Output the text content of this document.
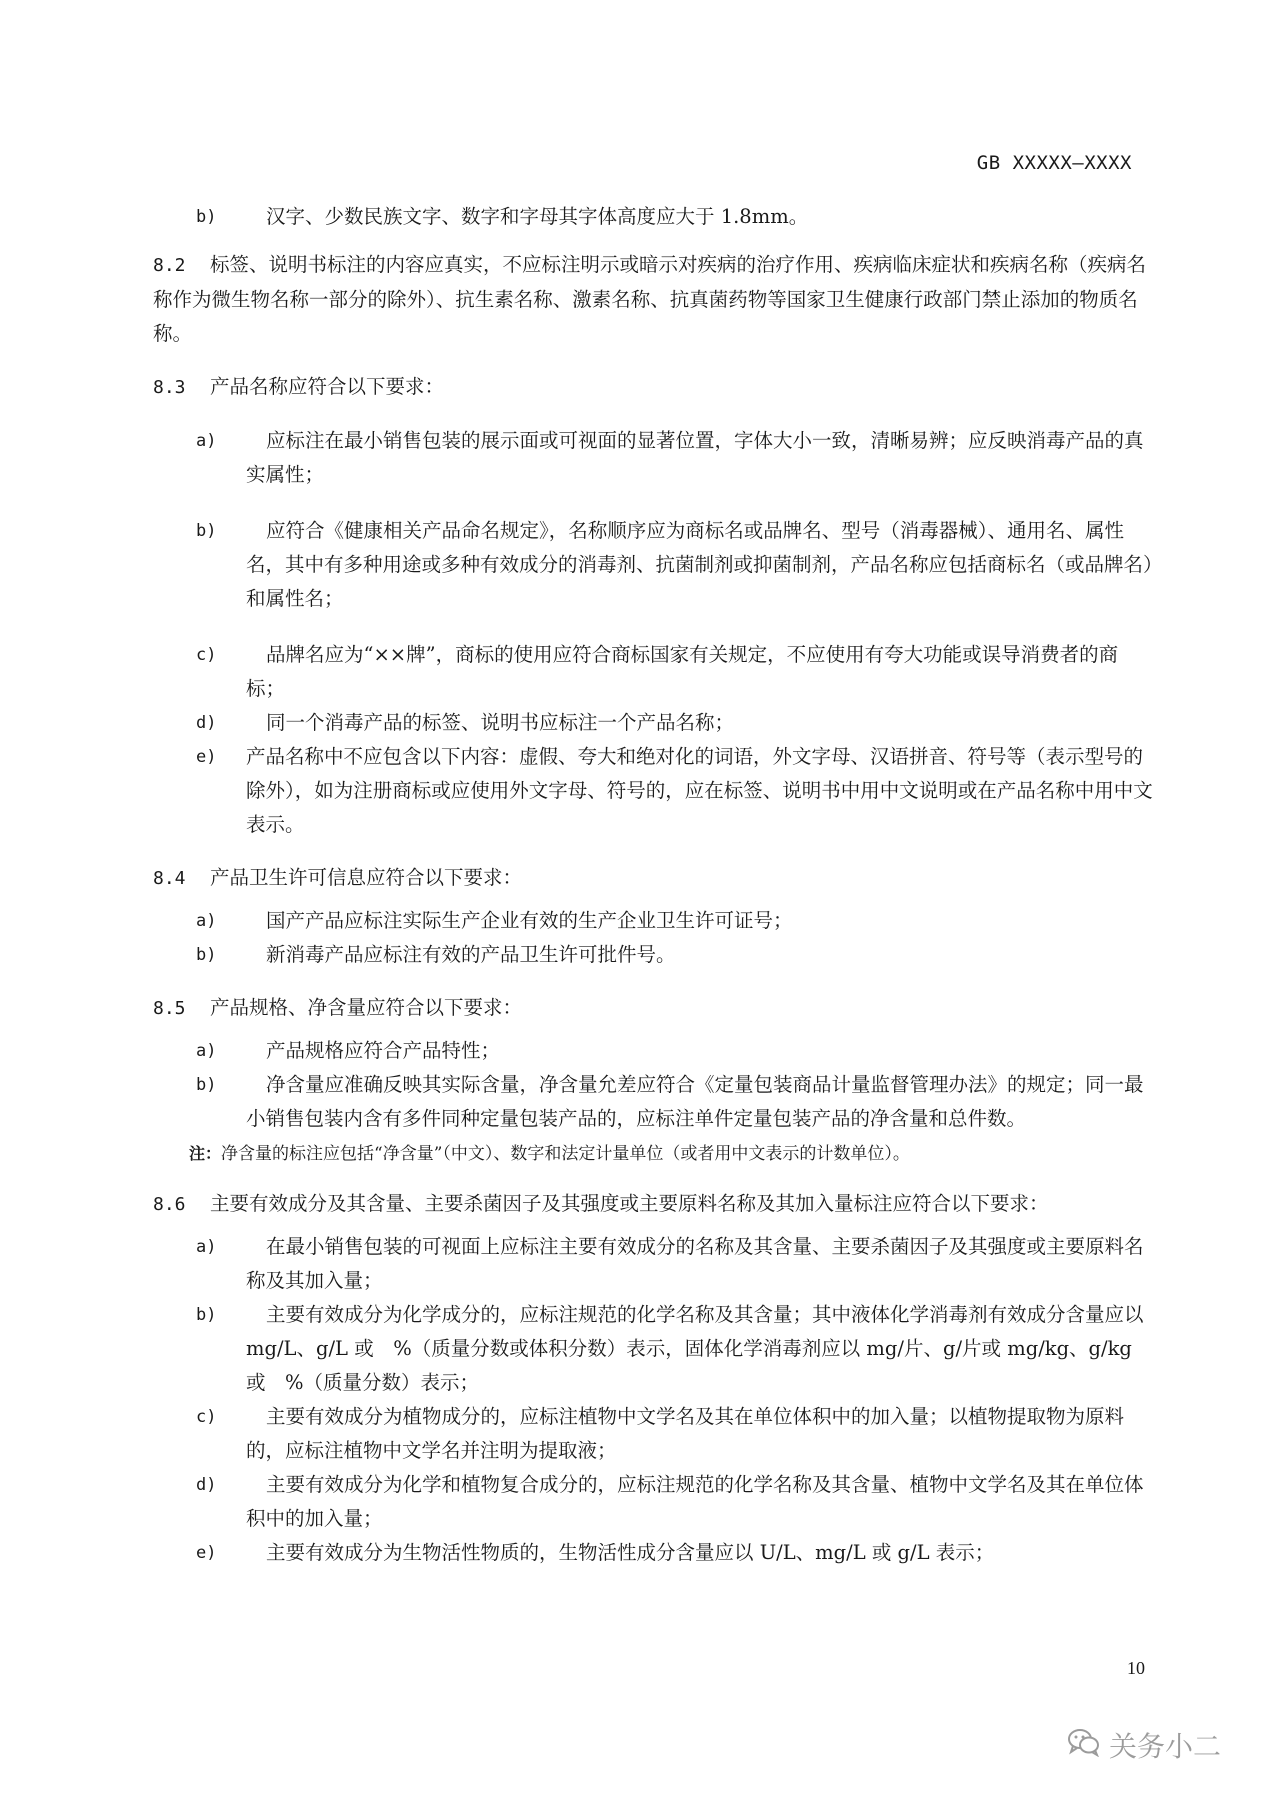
GB XXXXX—XXXX
b)	汉字、少数民族文字、数字和字母其字体高度应大于 1.8mm。
8.2 标签、说明书标注的内容应真实，不应标注明示或暗示对疾病的治疗作用、疾病临床症状和疾病名称（疾病名称作为微生物名称一部分的除外）、抗生素名称、激素名称、抗真菌药物等国家卫生健康行政部门禁止添加的物质名称。
8.3 产品名称应符合以下要求：
a)	应标注在最小销售包装的展示面或可视面的显著位置，字体大小一致，清晰易辨；应反映消毒产品的真实属性；
b)	应符合《健康相关产品命名规定》，名称顺序应为商标名或品牌名、型号（消毒器械）、通用名、属性名，其中有多种用途或多种有效成分的消毒剂、抗菌制剂或抑菌制剂，产品名称应包括商标名（或品牌名）和属性名；
c)	品牌名应为“××牌”，商标的使用应符合商标国家有关规定，不应使用有夸大功能或误导消费者的商标；
d)	同一个消毒产品的标签、说明书应标注一个产品名称；
e) 产品名称中不应包含以下内容：虚假、夸大和绝对化的词语，外文字母、汉语拼音、符号等（表示型号的除外），如为注册商标或应使用外文字母、符号的，应在标签、说明书中用中文说明或在产品名称中用中文表示。
8.4 产品卫生许可信息应符合以下要求：
a)	国产产品应标注实际生产企业有效的生产企业卫生许可证号；
b)	新消毒产品应标注有效的产品卫生许可批件号。
8.5 产品规格、净含量应符合以下要求：
a)	产品规格应符合产品特性；
b)	净含量应准确反映其实际含量，净含量允差应符合《定量包装商品计量监督管理办法》的规定；同一最小销售包装内含有多件同种定量包装产品的，应标注单件定量包装产品的净含量和总件数。
注：净含量的标注应包括“净含量”（中文）、数字和法定计量单位（或者用中文表示的计数单位）。
8.6 主要有效成分及其含量、主要杀菌因子及其强度或主要原料名称及其加入量标注应符合以下要求：
a)	在最小销售包装的可视面上应标注主要有效成分的名称及其含量、主要杀菌因子及其强度或主要原料名称及其加入量；
b)	主要有效成分为化学成分的，应标注规范的化学名称及其含量；其中液体化学消毒剂有效成分含量应以 mg/L、g/L 或　%（质量分数或体积分数）表示，固体化学消毒剂应以 mg/片、g/片或 mg/kg、g/kg 或　%（质量分数）表示；
c)	主要有效成分为植物成分的，应标注植物中文学名及其在单位体积中的加入量；以植物提取物为原料的，应标注植物中文学名并注明为提取液；
d)	主要有效成分为化学和植物复合成分的，应标注规范的化学名称及其含量、植物中文学名及其在单位体积中的加入量；
e)	主要有效成分为生物活性物质的，生物活性成分含量应以 U/L、mg/L 或 g/L 表示；
10
关务小二
